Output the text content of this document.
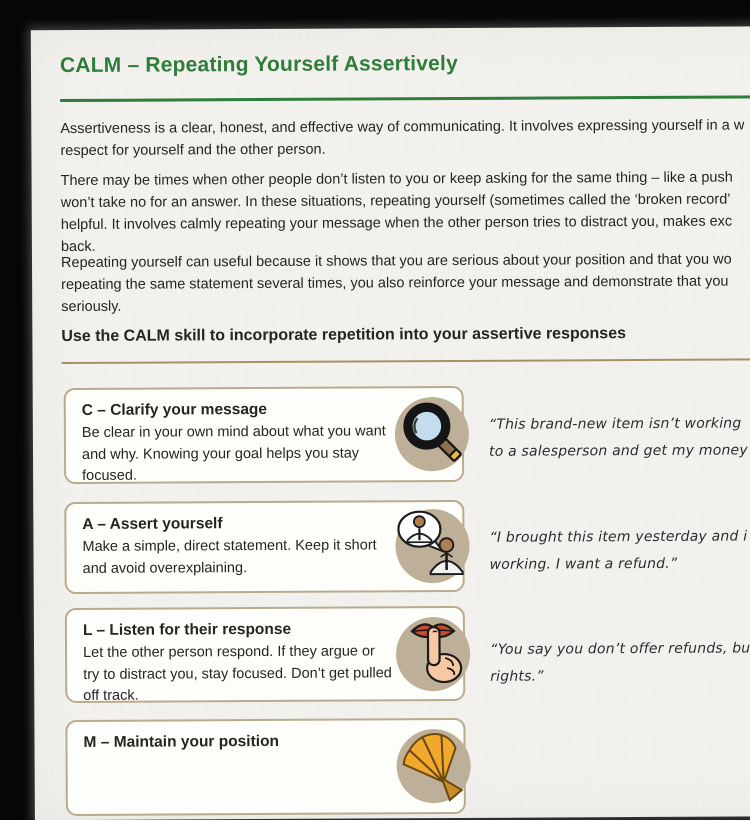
CALM – Repeating Yourself Assertively
Assertiveness is a clear, honest, and effective way of communicating. It involves expressing yourself in a w
respect for yourself and the other person.
There may be times when other people don’t listen to you or keep asking for the same thing – like a push
won’t take no for an answer. In these situations, repeating yourself (sometimes called the ‘broken record’
helpful. It involves calmly repeating your message when the other person tries to distract you, makes exc
back.
Repeating yourself can useful because it shows that you are serious about your position and that you wo
repeating the same statement several times, you also reinforce your message and demonstrate that you
seriously.
Use the CALM skill to incorporate repetition into your assertive responses
C – Clarify your message
Be clear in your own mind about what you want
and why. Knowing your goal helps you stay
focused.
“This brand-new item isn’t working
to a salesperson and get my money
A – Assert yourself
Make a simple, direct statement. Keep it short
and avoid overexplaining.
“I brought this item yesterday and i
working. I want a refund.”
L – Listen for their response
Let the other person respond. If they argue or
try to distract you, stay focused. Don’t get pulled
off track.
“You say you don’t offer refunds, bu
rights.”
M – Maintain your position
